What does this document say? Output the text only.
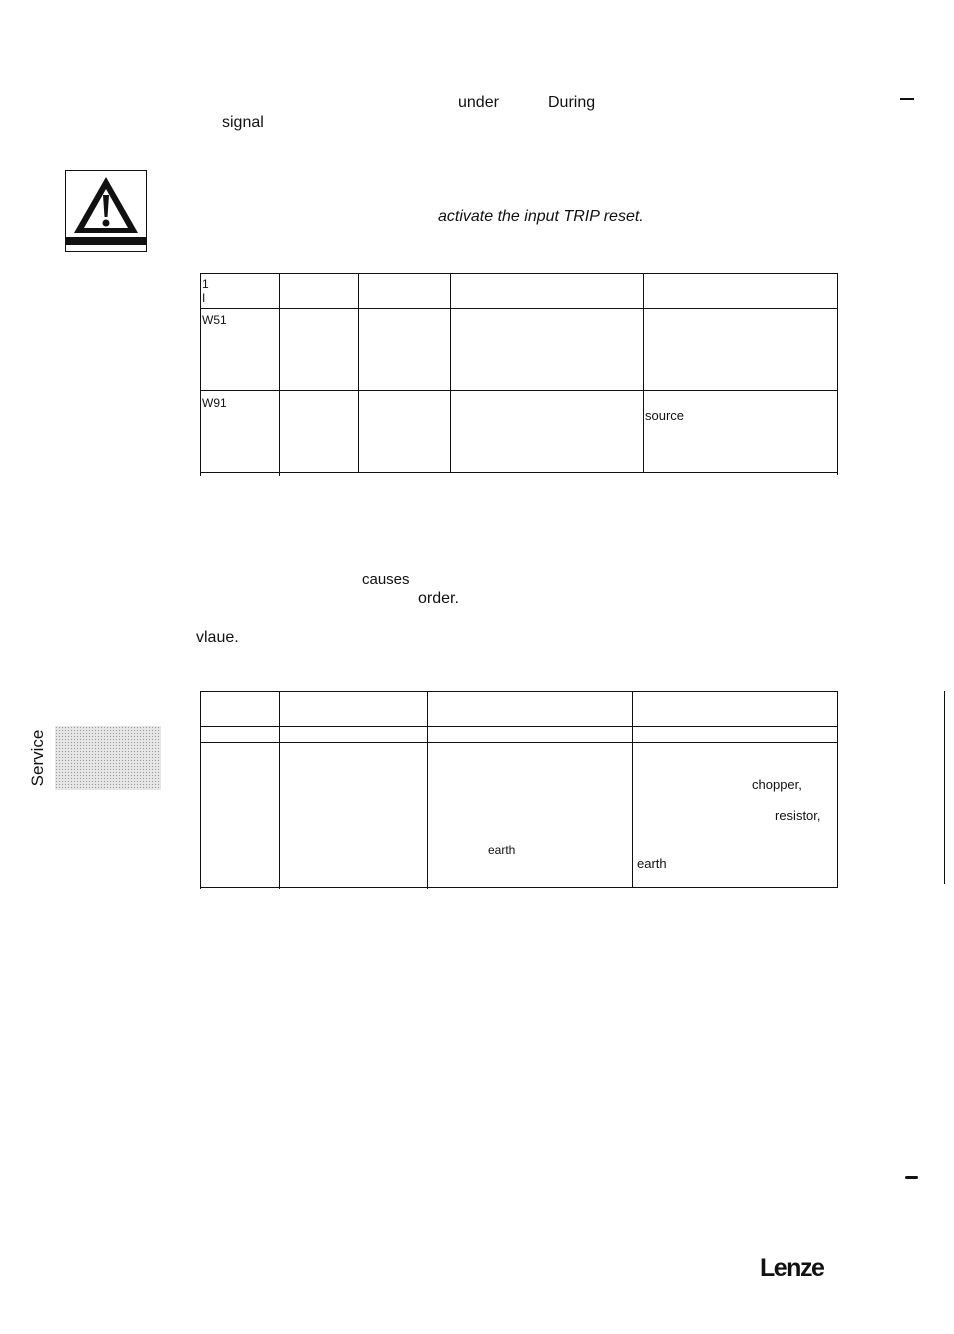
under	During
signal
activate the input TRIP reset.
1
I
W51
W91
source
causes
order.
vlaue.
earth
chopper,
resistor,
earth
Service
Lenze
